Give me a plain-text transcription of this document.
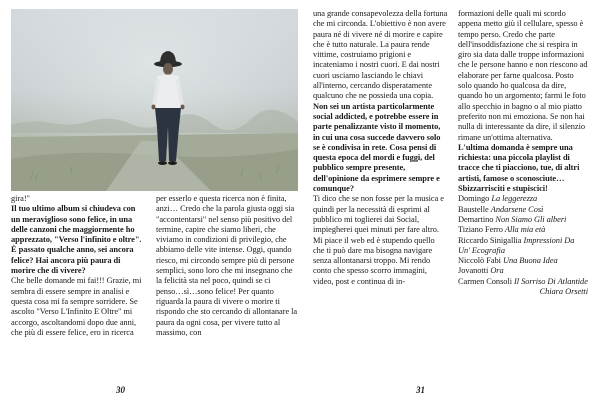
gira!"

Il tuo ultimo album si chiudeva con un meraviglioso sono felice, in una delle canzoni che maggiormente ho apprezzato, "Verso l'infinito e oltre". È passato qualche anno, sei ancora felice? Hai ancora più paura di morire che di vivere?

Che belle domande mi fai!!! Grazie, mi sembra di essere sempre in analisi e questa cosa mi fa sempre sorridere. Se ascolto "Verso L'Infinito E Oltre" mi accorgo, ascoltandomi dopo due anni, che più di essere felice, ero in ricerca

per esserlo e questa ricerca non è finita, anzi… Credo che la parola giusta oggi sia "accontentarsi" nel senso più positivo del termine, capire che siamo liberi, che viviamo in condizioni di privilegio, che abbiamo delle vite intense. Oggi, quando riesco, mi circondo sempre più di persone semplici, sono loro che mi insegnano che la felicità sta nel poco, quindi se ci penso…sì…sono felice! Per quanto riguarda la paura di vivere o morire ti rispondo che sto cercando di allontanare la paura da ogni cosa, per vivere tutto al massimo, con

30

una grande consapevolezza della fortuna che mi circonda. L'obiettivo è non avere paura né di vivere né di morire e capire che è tutto naturale. La paura rende vittime, costruiamo prigioni e incateniamo i nostri cuori. E dai nostri cuori usciamo lasciando le chiavi all'interno, cercando disperatamente qualcuno che ne possieda una copia.

Non sei un artista particolarmente social addicted, e potrebbe essere in parte penalizzante visto il momento, in cui una cosa succede davvero solo se è condivisa in rete. Cosa pensi di questa epoca del mordi e fuggi, del pubblico sempre presente, dell'opinione da esprimere sempre e comunque?

Ti dico che se non fosse per la musica e quindi per la necessità di esprimi al pubblico mi toglierei dai Social, impiegherei quei minuti per fare altro. Mi piace il web ed è stupendo quello che ti può dare ma bisogna navigare senza allontanarsi troppo. Mi rendo conto che spesso scorro immagini, video, post e continua di in-

formazioni delle quali mi scordo appena metto giù il cellulare, spesso è tempo perso. Credo che parte dell'insoddisfazione che si respira in giro sia data dalle troppe informazioni che le persone hanno e non riescono ad elaborare per farne qualcosa. Posto solo quando ho qualcosa da dire, quando ho un argomento; farmi le foto allo specchio in bagno o al mio piatto preferito non mi emoziona. Se non hai nulla di interessante da dire, il silenzio rimane un'ottima alternativa.

L'ultima domanda è sempre una richiesta: una piccola playlist di tracce che ti piacciono, tue, di altri artisti, famose o sconosciute… Sbizzarrisciti e stupiscici!

Domingo La leggerezza

Baustelle Andarsene Così

Demartino Non Siamo Gli alberi

Tiziano Ferro Alla mia età

Riccardo Sinigallia Impressioni Da Un' Ecografia

Niccolò Fabi Una Buona Idea

Jovanotti Ora

Carmen Consoli Il Sorriso Di Atlantide

Chiara Orsetti

31
